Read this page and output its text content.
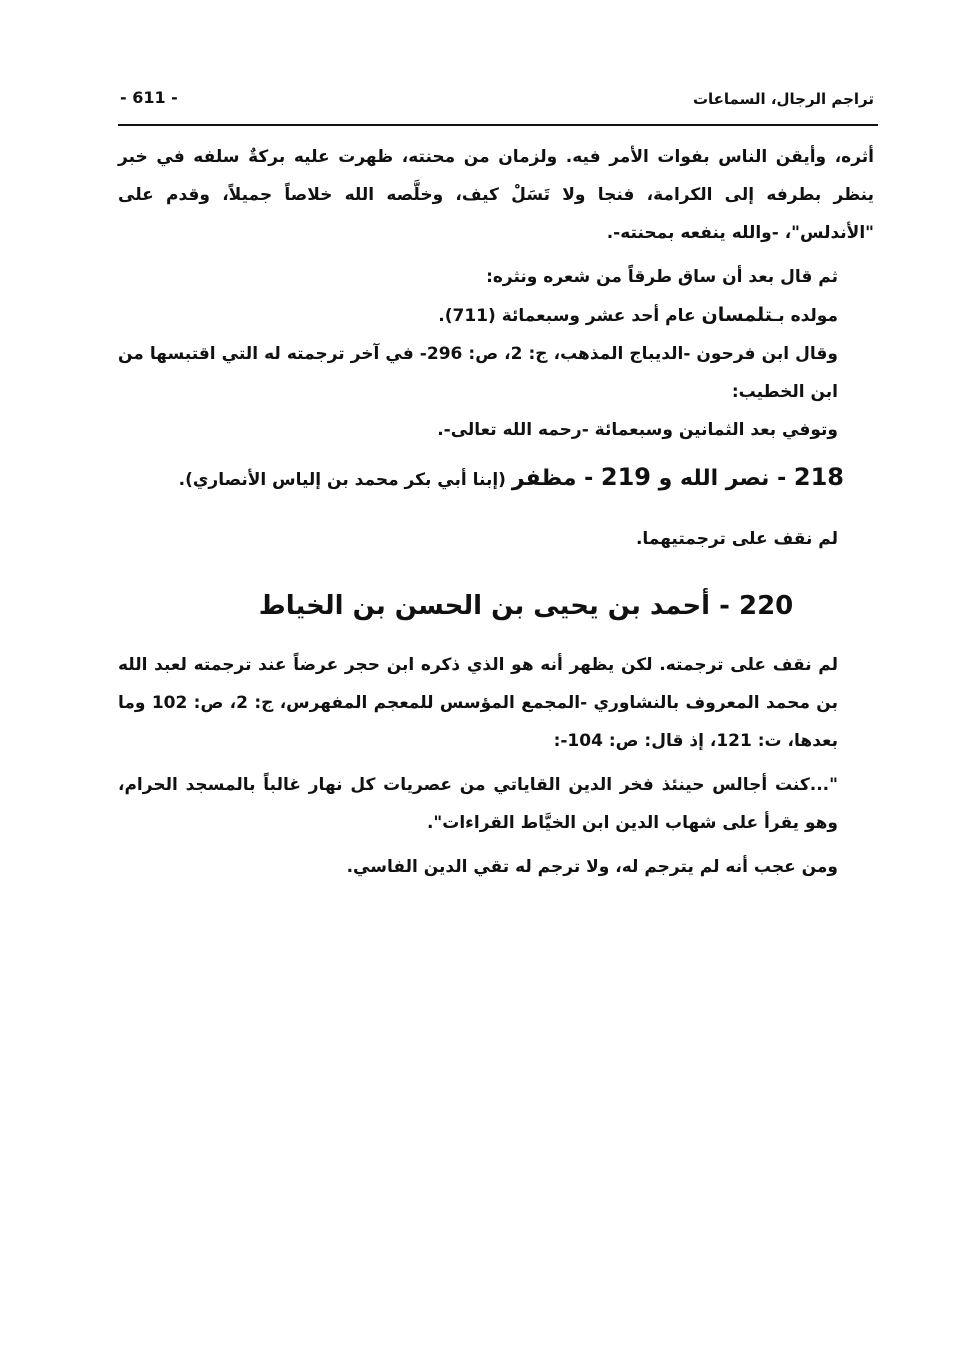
تراجم الرجال، السماعات
- 611 -

أثره، وأيقن الناس بفوات الأمر فيه. ولزمان من محنته، ظهرت عليه بركةٌ سلفه في خبر ينظر بطرفه إلى الكرامة، فنجا ولا تَسَلْ كيف، وخلَّصه الله خلاصاً جميلاً، وقدم على "الأندلس"، -والله ينفعه بمحنته-.

ثم قال بعد أن ساق طرقاً من شعره ونثره:

مولده بـتلمسان عام أحد عشر وسبعمائة (711).

وقال ابن فرحون -الديباج المذهب، ج: 2، ص: 296- في آخر ترجمته له التي اقتبسها من ابن الخطيب:

وتوفي بعد الثمانين وسبعمائة -رحمه الله تعالى-.

218 - نصر الله و 219 - مظفر (إبنا أبي بكر محمد بن إلياس الأنصاري).

لم نقف على ترجمتيهما.

220 - أحمد بن يحيى بن الحسن بن الخياط

لم نقف على ترجمته. لكن يظهر أنه هو الذي ذكره ابن حجر عرضاً عند ترجمته لعبد الله بن محمد المعروف بالنشاوري -المجمع المؤسس للمعجم المفهرس، ج: 2، ص: 102 وما بعدها، ت: 121، إذ قال: ص: 104-:

"...كنت أجالس حينئذ فخر الدين القاياتي من عصريات كل نهار غالباً بالمسجد الحرام، وهو يقرأ على شهاب الدين ابن الخيَّاط القراءات".

ومن عجب أنه لم يترجم له، ولا ترجم له تقي الدين الفاسي.
